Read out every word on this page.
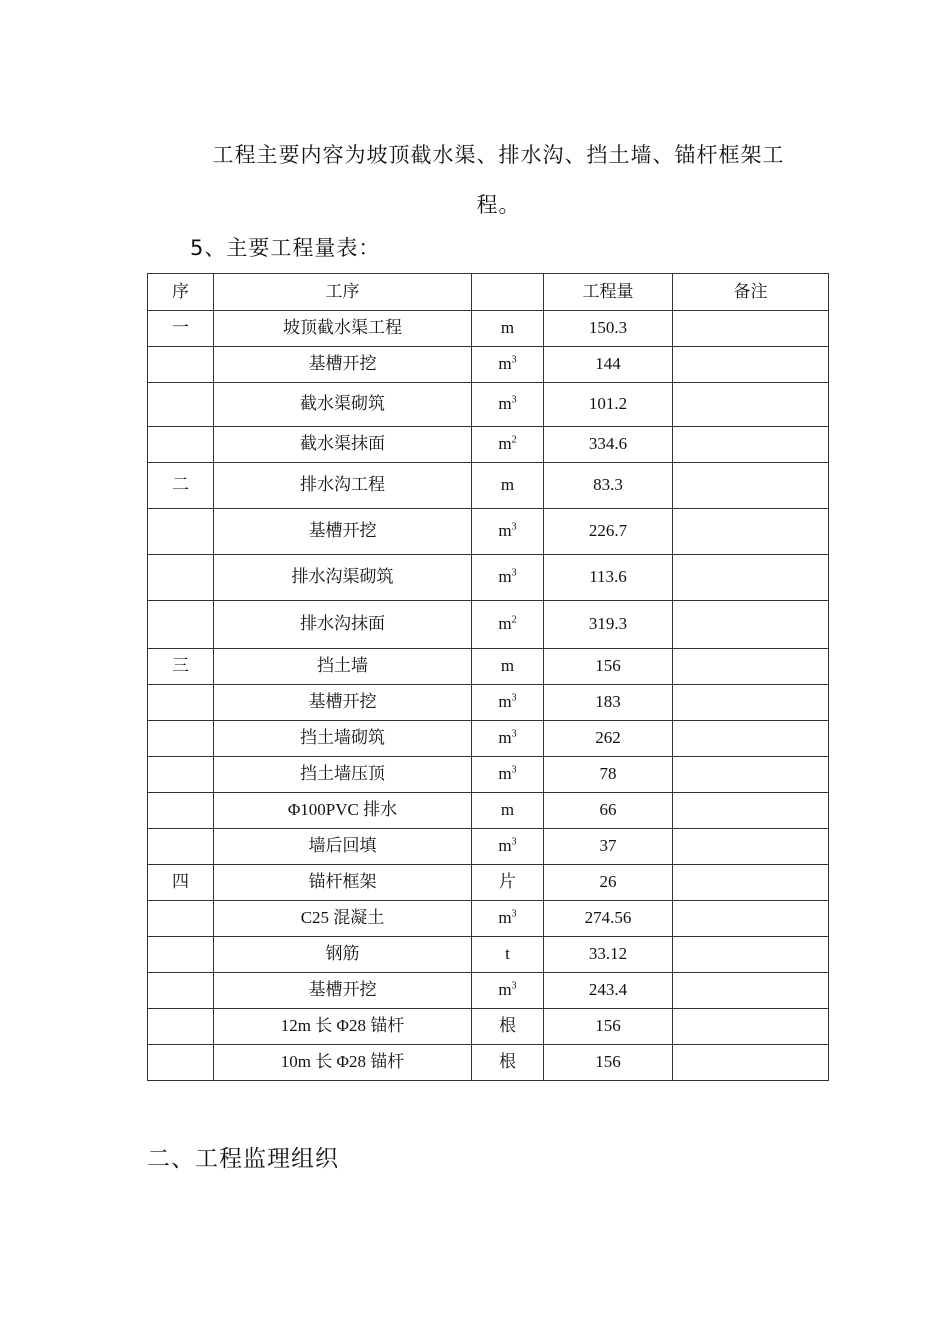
工程主要内容为坡顶截水渠、排水沟、挡土墙、锚杆框架工程。
5、主要工程量表：
序	工序		工程量	备注
一	坡顶截水渠工程	m	150.3	
	基槽开挖	$m^3$	144	
	截水渠砌筑	$m^3$	101.2	
	截水渠抹面	$m^2$	334.6	
二	排水沟工程	m	83.3	
	基槽开挖	$m^3$	226.7	
	排水沟渠砌筑	$m^3$	113.6	
	排水沟抹面	$m^2$	319.3	
三	挡土墙	m	156	
	基槽开挖	$m^3$	183	
	挡土墙砌筑	$m^3$	262	
	挡土墙压顶	$m^3$	78	
	Φ100PVC 排水	m	66	
	墙后回填	$m^3$	37	
四	锚杆框架	片	26	
	C25 混凝土	$m^3$	274.56	
	钢筋	t	33.12	
	基槽开挖	$m^3$	243.4	
	12m 长 Φ28 锚杆	根	156	
	10m 长 Φ28 锚杆	根	156	
二、工程监理组织
